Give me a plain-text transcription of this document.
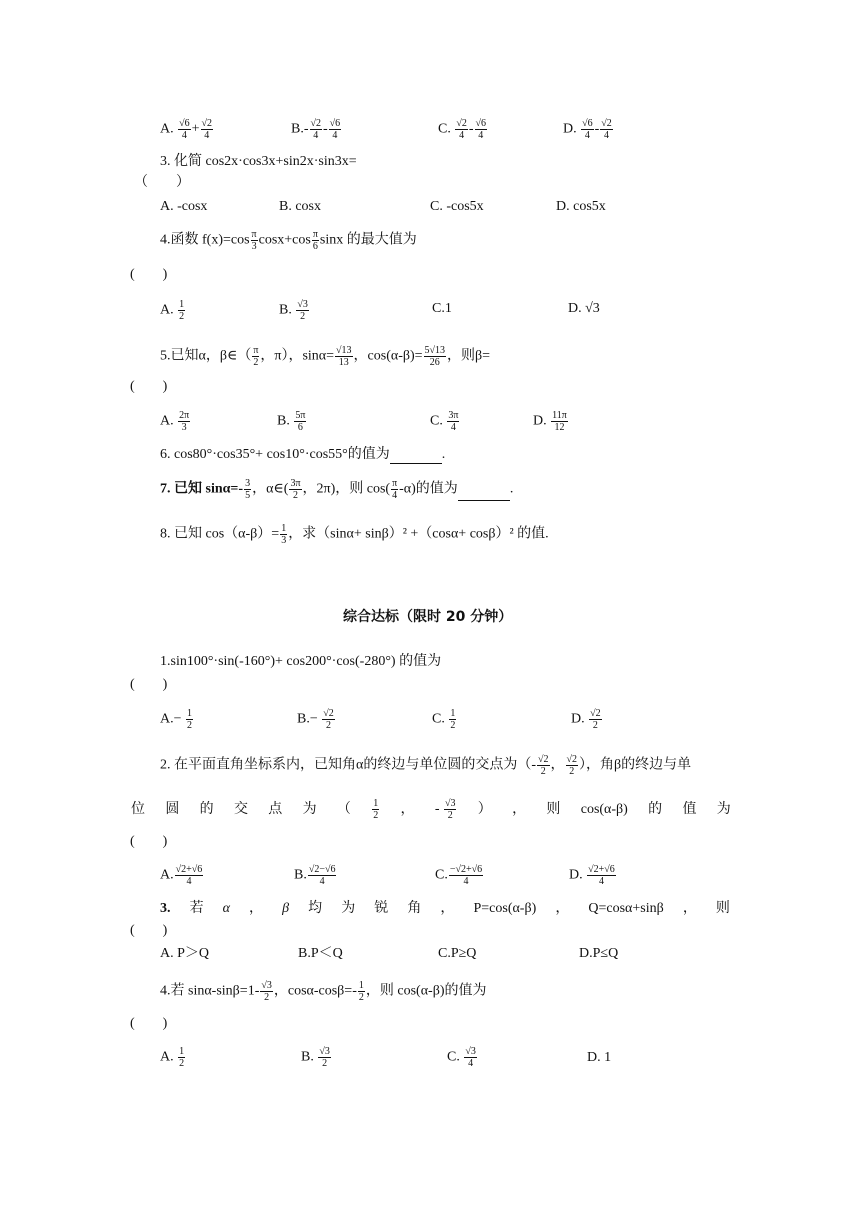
A. $\frac{√6}{4} + \frac{√2}{4}$	$B.- \frac{√2}{4} - \frac{√6}{4}$	C. $\frac{√2}{4} - \frac{√6}{4}$	D. $\frac{√6}{4} - \frac{√2}{4}$
3. 化简 cos2x·cos3x+sin2x·sin3x=
（　　）
A. -cosx	B. cosx	C. -cos5x	D. cos5x
4.函数 $f(x)=\cos \frac{\pi}{3} \cos x+\cos \frac{\pi}{6}$ sinx 的最大值为
(　　)
A. $\frac{1}{2}$	B. $\frac{√3}{2}$	C.1	D. √3
5.已知α，β∈（ $\frac{\pi}{2}$ ，π），$\sin\alpha= \frac{√13}{13}$ ，$\cos(\alpha-\beta)= \frac{5√13}{26}$ ，则β=
(　　)
A. $\frac{2\pi}{3}$	B. $\frac{5\pi}{6}$	C. $\frac{3\pi}{4}$	D. $\frac{11\pi}{12}$
6. cos80°·cos35°+ cos10°·cos55°的值为	.
7. 已知 $\sin\alpha=- \frac{3}{5}$ ，α∈( $\frac{3\pi}{2}$ ，2π)，则 $\cos( \frac{\pi}{4} -\alpha)$的值为	.
8. 已知 $\cos(\alpha-\beta)= \frac{1}{3}$ ，求（sinα+ sinβ）² +（cosα+ cosβ）² 的值.
综合达标（限时 20 分钟）
1.sin100°·sin(-160°)+ cos200°·cos(-280°) 的值为
(　　)
$A.- \frac{1}{2}$	$B.- \frac{√2}{2}$	C. $\frac{1}{2}$	D. $\frac{√2}{2}$
2. 在平面直角坐标系内，已知角α的终边与单位圆的交点为（- $\frac{√2}{2}$ ， $\frac{√2}{2}$ ），角β的终边与单
位 圆 的 交 点 为 （ $\frac{1}{2}$ ， - $\frac{√3}{2}$ ） ， 则 cos(α-β) 的 值 为
(　　)
A. $\frac{√2+√6}{4}$	B. $\frac{√2-√6}{4}$	C. $\frac{-√2+√6}{4}$	D. $\frac{√2+√6}{4}$
3. 若 α ， β 均 为 锐 角 ， P=cos(α-β) ， Q=cosα+sinβ ， 则
(　　)
A. P＞Q	B.P＜Q	C.P≥Q	D.P≤Q
4.若 $\sin\alpha-\sin\beta=1- \frac{√3}{2}$ ，$\cos\alpha-\cos\beta=- \frac{1}{2}$ ，则 cos(α-β)的值为
(　　)
A. $\frac{1}{2}$	B. $\frac{√3}{2}$	C. $\frac{√3}{4}$	D. 1
